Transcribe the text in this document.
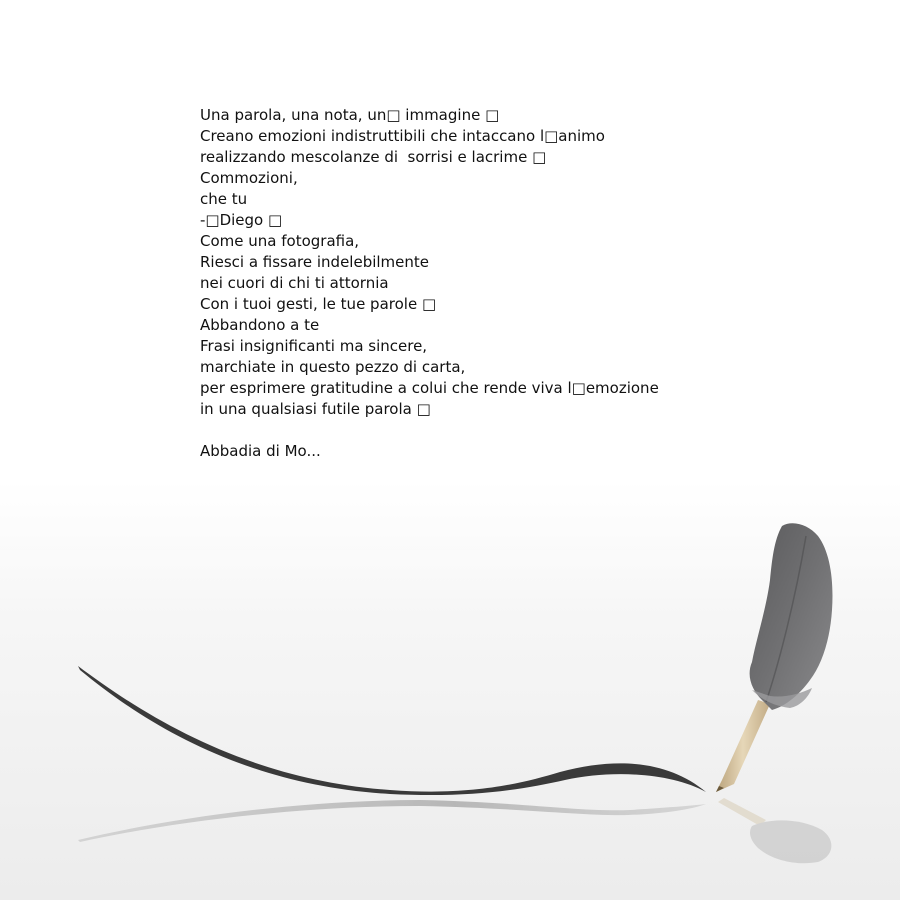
Una parola, una nota, un□ immagine □
Creano emozioni indistruttibili che intaccano l□animo
realizzando mescolanze di  sorrisi e lacrime □
Commozioni,
che tu
-□Diego □
Come una fotografia,
Riesci a fissare indelebilmente
nei cuori di chi ti attornia
Con i tuoi gesti, le tue parole □
Abbandono a te
Frasi insignificanti ma sincere,
marchiate in questo pezzo di carta,
per esprimere gratitudine a colui che rende viva l□emozione
in una qualsiasi futile parola □
Abbadia di Mo...
